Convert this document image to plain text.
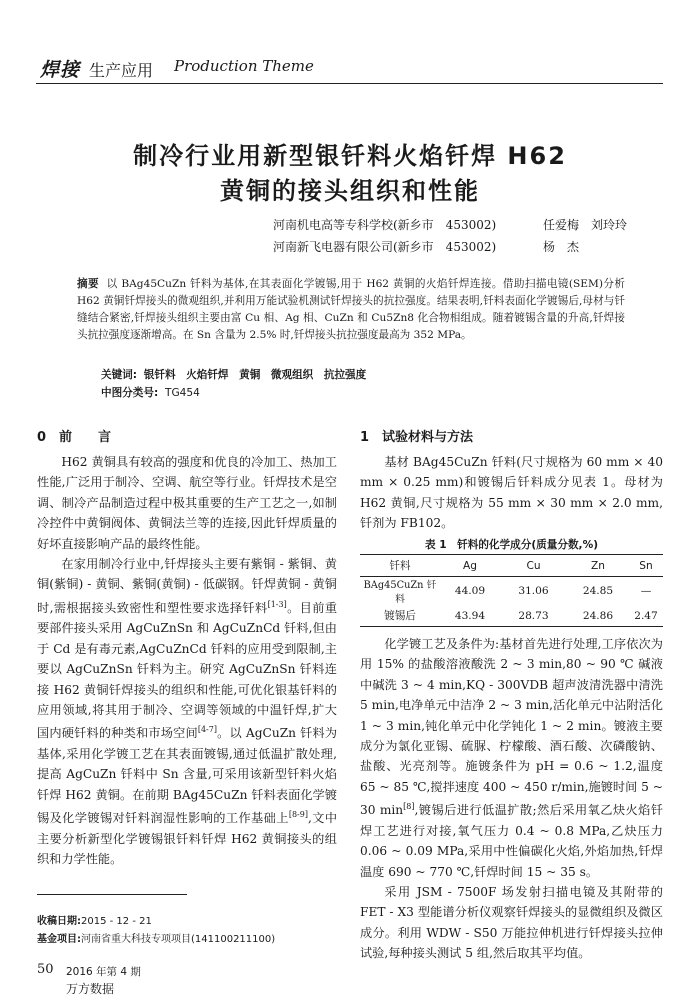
焊接 生产应用 Production Theme
制冷行业用新型银钎料火焰钎焊 H62
黄铜的接头组织和性能
河南机电高等专科学校(新乡市　453002)	任爱梅　刘玲玲
河南新飞电器有限公司(新乡市　453002)	杨　杰
摘要 以 BAg45CuZn 钎料为基体,在其表面化学镀锡,用于 H62 黄铜的火焰钎焊连接。借助扫描电镜(SEM)分析 H62 黄铜钎焊接头的微观组织,并利用万能试验机测试钎焊接头的抗拉强度。结果表明,钎料表面化学镀锡后,母材与钎缝结合紧密,钎焊接头组织主要由富 Cu 相、Ag 相、CuZn 和 Cu5Zn8 化合物相组成。随着镀锡含量的升高,钎焊接头抗拉强度逐渐增高。在 Sn 含量为 2.5% 时,钎焊接头抗拉强度最高为 352 MPa。
关键词: 银钎料　火焰钎焊　黄铜　微观组织　抗拉强度
中图分类号: TG454
0　前　　言

H62 黄铜具有较高的强度和优良的冷加工、热加工性能,广泛用于制冷、空调、航空等行业。钎焊技术是空调、制冷产品制造过程中极其重要的生产工艺之一,如制冷控件中黄铜阀体、黄铜法兰等的连接,因此钎焊质量的好坏直接影响产品的最终性能。

在家用制冷行业中,钎焊接头主要有紫铜 - 紫铜、黄铜(紫铜) - 黄铜、紫铜(黄铜) - 低碳钢。钎焊黄铜 - 黄铜时,需根据接头致密性和塑性要求选择钎料[1-3]。目前重要部件接头采用 AgCuZnSn 和 AgCuZnCd 钎料,但由于 Cd 是有毒元素,AgCuZnCd 钎料的应用受到限制,主要以 AgCuZnSn 钎料为主。研究 AgCuZnSn 钎料连接 H62 黄铜钎焊接头的组织和性能,可优化银基钎料的应用领域,将其用于制冷、空调等领域的中温钎焊,扩大国内硬钎料的种类和市场空间[4-7]。以 AgCuZn 钎料为基体,采用化学镀工艺在其表面镀锡,通过低温扩散处理,提高 AgCuZn 钎料中 Sn 含量,可采用该新型钎料火焰钎焊 H62 黄铜。在前期 BAg45CuZn 钎料表面化学镀锡及化学镀锡对钎料润湿性影响的工作基础上[8-9],文中主要分析新型化学镀锡银钎料钎焊 H62 黄铜接头的组织和力学性能。

1　试验材料与方法

基材 BAg45CuZn 钎料(尺寸规格为 60 mm × 40 mm × 0.25 mm)和镀锡后钎料成分见表 1。母材为 H62 黄铜,尺寸规格为 55 mm × 30 mm × 2.0 mm,钎剂为 FB102。

表 1　钎料的化学成分(质量分数,%)
钎料	Ag	Cu	Zn	Sn
BAg45CuZn 钎料	44.09	31.06	24.85	—
镀锡后	43.94	28.73	24.86	2.47

化学镀工艺及条件为:基材首先进行处理,工序依次为用 15% 的盐酸溶液酸洗 2 ~ 3 min,80 ~ 90 ℃ 碱液中碱洗 3 ~ 4 min,KQ - 300VDB 超声波清洗器中清洗 5 min,电净单元中洁净 2 ~ 3 min,活化单元中沾附活化 1 ~ 3 min,钝化单元中化学钝化 1 ~ 2 min。镀液主要成分为氯化亚锡、硫脲、柠檬酸、酒石酸、次磷酸钠、盐酸、光亮剂等。施镀条件为 pH = 0.6 ~ 1.2,温度 65 ~ 85 ℃,搅拌速度 400 ~ 450 r/min,施镀时间 5 ~ 30 min[8],镀锡后进行低温扩散;然后采用氧乙炔火焰钎焊工艺进行对接,氧气压力 0.4 ~ 0.8 MPa,乙炔压力 0.06 ~ 0.09 MPa,采用中性偏碳化火焰,外焰加热,钎焊温度 690 ~ 770 ℃,钎焊时间 15 ~ 35 s。

采用 JSM - 7500F 场发射扫描电镜及其附带的 FET - X3 型能谱分析仪观察钎焊接头的显微组织及微区成分。利用 WDW - S50 万能拉伸机进行钎焊接头拉伸试验,每种接头测试 5 组,然后取其平均值。

收稿日期:2015 - 12 - 21
基金项目:河南省重大科技专项项目(141100211100)
50 2016 年第 4 期
万方数据
